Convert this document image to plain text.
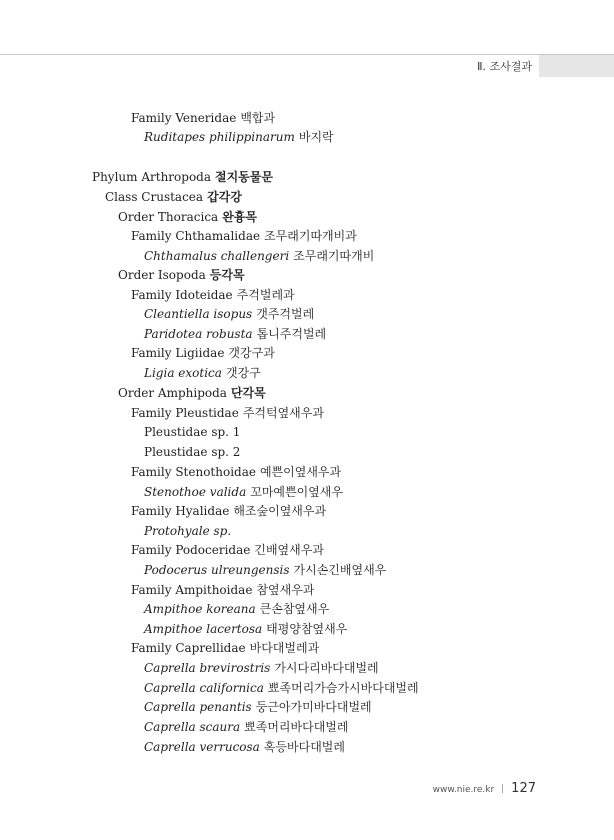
Ⅱ. 조사결과
Family Veneridae 백합과
Ruditapes philippinarum 바지락
Phylum Arthropoda 절지동물문
Class Crustacea 갑각강
Order Thoracica 완흉목
Family Chthamalidae 조무래기따개비과
Chthamalus challengeri 조무래기따개비
Order Isopoda 등각목
Family Idoteidae 주걱벌레과
Cleantiella isopus 갯주걱벌레
Paridotea robusta 톱니주걱벌레
Family Ligiidae 갯강구과
Ligia exotica 갯강구
Order Amphipoda 단각목
Family Pleustidae 주걱턱옆새우과
Pleustidae sp. 1
Pleustidae sp. 2
Family Stenothoidae 예쁜이옆새우과
Stenothoe valida 꼬마예쁜이옆새우
Family Hyalidae 해조숲이옆새우과
Protohyale sp.
Family Podoceridae 긴배옆새우과
Podocerus ulreungensis 가시손긴배옆새우
Family Ampithoidae 참옆새우과
Ampithoe koreana 큰손참옆새우
Ampithoe lacertosa 태평양참옆새우
Family Caprellidae 바다대벌레과
Caprella brevirostris 가시다리바다대벌레
Caprella californica 뾰족머리가슴가시바다대벌레
Caprella penantis 둥근아가미바다대벌레
Caprella scaura 뾰족머리바다대벌레
Caprella verrucosa 혹등바다대벌레
www.nie.re.kr 127
